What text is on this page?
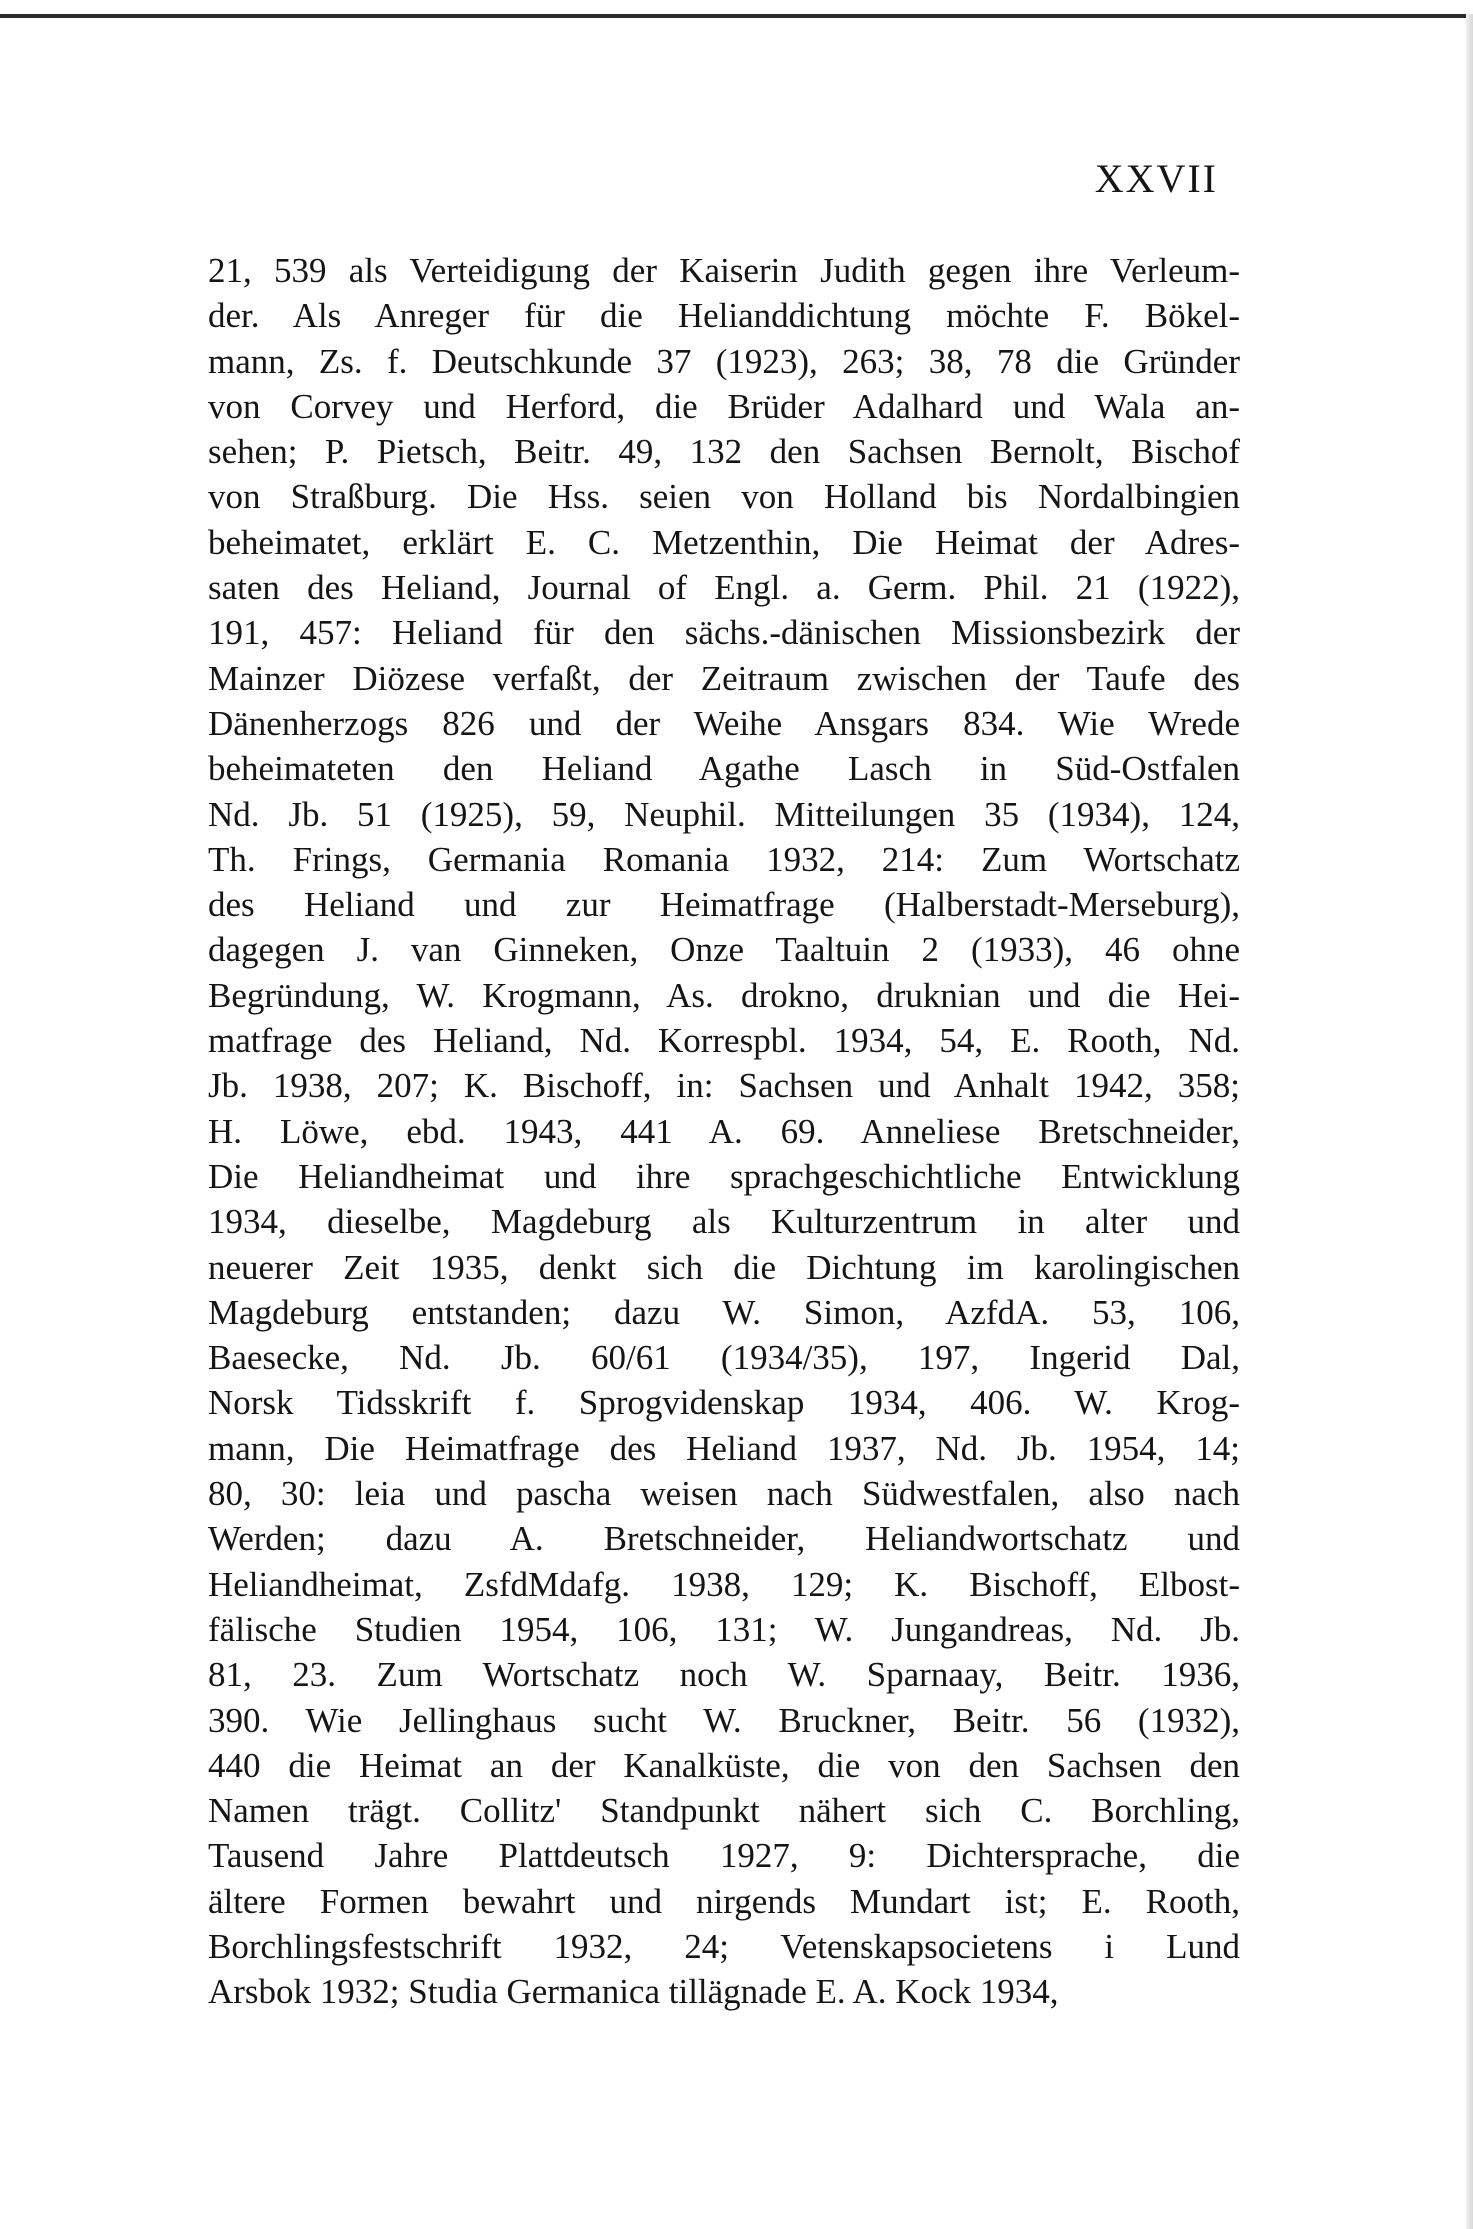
XXVII

21, 539 als Verteidigung der Kaiserin Judith gegen ihre Verleum-
der. Als Anreger für die Helianddichtung möchte F. Bökel-
mann, Zs. f. Deutschkunde 37 (1923), 263; 38, 78 die Gründer
von Corvey und Herford, die Brüder Adalhard und Wala an-
sehen; P. Pietsch, Beitr. 49, 132 den Sachsen Bernolt, Bischof
von Straßburg. Die Hss. seien von Holland bis Nordalbingien
beheimatet, erklärt E. C. Metzenthin, Die Heimat der Adres-
saten des Heliand, Journal of Engl. a. Germ. Phil. 21 (1922),
191, 457: Heliand für den sächs.-dänischen Missionsbezirk der
Mainzer Diözese verfaßt, der Zeitraum zwischen der Taufe des
Dänenherzogs 826 und der Weihe Ansgars 834. Wie Wrede
beheimateten den Heliand Agathe Lasch in Süd-Ostfalen
Nd. Jb. 51 (1925), 59, Neuphil. Mitteilungen 35 (1934), 124,
Th. Frings, Germania Romania 1932, 214: Zum Wortschatz
des Heliand und zur Heimatfrage (Halberstadt-Merseburg),
dagegen J. van Ginneken, Onze Taaltuin 2 (1933), 46 ohne
Begründung, W. Krogmann, As. drokno, druknian und die Hei-
matfrage des Heliand, Nd. Korrespbl. 1934, 54, E. Rooth, Nd.
Jb. 1938, 207; K. Bischoff, in: Sachsen und Anhalt 1942, 358;
H. Löwe, ebd. 1943, 441 A. 69. Anneliese Bretschneider,
Die Heliandheimat und ihre sprachgeschichtliche Entwicklung
1934, dieselbe, Magdeburg als Kulturzentrum in alter und
neuerer Zeit 1935, denkt sich die Dichtung im karolingischen
Magdeburg entstanden; dazu W. Simon, AzfdA. 53, 106,
Baesecke, Nd. Jb. 60/61 (1934/35), 197, Ingerid Dal,
Norsk Tidsskrift f. Sprogvidenskap 1934, 406. W. Krog-
mann, Die Heimatfrage des Heliand 1937, Nd. Jb. 1954, 14;
80, 30: leia und pascha weisen nach Südwestfalen, also nach
Werden; dazu A. Bretschneider, Heliandwortschatz und
Heliandheimat, ZsfdMdafg. 1938, 129; K. Bischoff, Elbost-
fälische Studien 1954, 106, 131; W. Jungandreas, Nd. Jb.
81, 23. Zum Wortschatz noch W. Sparnaay, Beitr. 1936,
390. Wie Jellinghaus sucht W. Bruckner, Beitr. 56 (1932),
440 die Heimat an der Kanalküste, die von den Sachsen den
Namen trägt. Collitz' Standpunkt nähert sich C. Borchling,
Tausend Jahre Plattdeutsch 1927, 9: Dichtersprache, die
ältere Formen bewahrt und nirgends Mundart ist; E. Rooth,
Borchlingsfestschrift 1932, 24; Vetenskapsocietens i Lund
Arsbok 1932; Studia Germanica tillägnade E. A. Kock 1934,
